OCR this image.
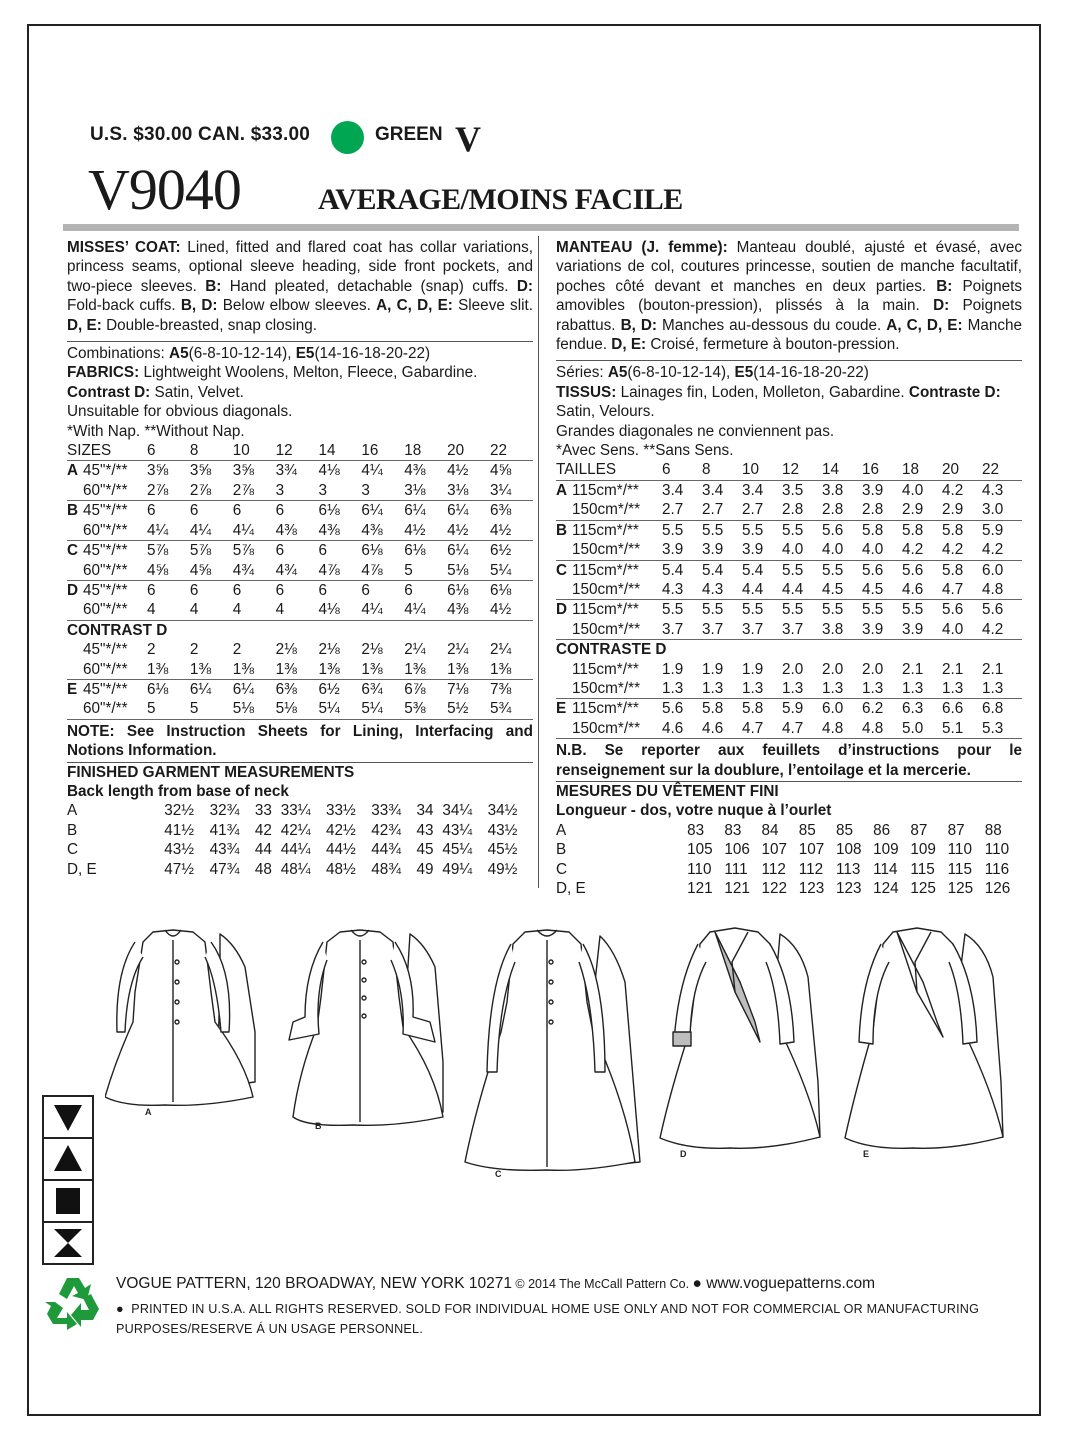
U.S. $30.00 CAN. $33.00	GREEN V
V9040	AVERAGE/MOINS FACILE
MISSES’ COAT: Lined, fitted and flared coat has collar variations, princess seams, optional sleeve heading, side front pockets, and two-piece sleeves. B: Hand pleated, detachable (snap) cuffs. D: Fold-back cuffs. B, D: Below elbow sleeves. A, C, D, E: Sleeve slit. D, E: Double-breasted, snap closing.
Combinations: A5(6-8-10-12-14), E5(14-16-18-20-22)
FABRICS: Lightweight Woolens, Melton, Fleece, Gabardine.
Contrast D: Satin, Velvet.
Unsuitable for obvious diagonals.
*With Nap. **Without Nap.
SIZES		6	8	10	12	14	16	18	20	22
A	45"*/**	3⅝	3⅝	3⅝	3¾	4⅛	4¼	4⅜	4½	4⅝
	60"*/**	2⅞	2⅞	2⅞	3	3	3	3⅛	3⅛	3¼
B	45"*/**	6	6	6	6	6⅛	6¼	6¼	6¼	6⅜
	60"*/**	4¼	4¼	4¼	4⅜	4⅜	4⅜	4½	4½	4½
C	45"*/**	5⅞	5⅞	5⅞	6	6	6⅛	6⅛	6¼	6½
	60"*/**	4⅝	4⅝	4¾	4¾	4⅞	4⅞	5	5⅛	5¼
D	45"*/**	6	6	6	6	6	6	6	6⅛	6⅛
	60"*/**	4	4	4	4	4⅛	4¼	4¼	4⅜	4½
CONTRAST D										
	45"*/**	2	2	2	2⅛	2⅛	2⅛	2¼	2¼	2¼
	60"*/**	1⅜	1⅜	1⅜	1⅜	1⅜	1⅜	1⅜	1⅜	1⅜
E	45"*/**	6⅛	6¼	6¼	6⅜	6½	6¾	6⅞	7⅛	7⅜
	60"*/**	5	5	5⅛	5⅛	5¼	5¼	5⅜	5½	5¾
NOTE: See Instruction Sheets for Lining, Interfacing and Notions Information.
FINISHED GARMENT MEASUREMENTS
Back length from base of neck
A	32½	32¾	33	33¼	33½	33¾	34	34¼	34½
B	41½	41¾	42	42¼	42½	42¾	43	43¼	43½
C	43½	43¾	44	44¼	44½	44¾	45	45¼	45½
D, E	47½	47¾	48	48¼	48½	48¾	49	49¼	49½
MANTEAU (J. femme): Manteau doublé, ajusté et évasé, avec variations de col, coutures princesse, soutien de manche facultatif, poches côté devant et manches en deux parties. B: Poignets amovibles (bouton-pression), plissés à la main. D: Poignets rabattus. B, D: Manches au-dessous du coude. A, C, D, E: Manche fendue. D, E: Croisé, fermeture à bouton-pression.
Séries: A5(6-8-10-12-14), E5(14-16-18-20-22)
TISSUS: Lainages fin, Loden, Molleton, Gabardine. Contraste D: Satin, Velours.
Grandes diagonales ne conviennent pas.
*Avec Sens. **Sans Sens.
TAILLES		6	8	10	12	14	16	18	20	22
A	115cm*/**	3.4	3.4	3.4	3.5	3.8	3.9	4.0	4.2	4.3
	150cm*/**	2.7	2.7	2.7	2.8	2.8	2.8	2.9	2.9	3.0
B	115cm*/**	5.5	5.5	5.5	5.5	5.6	5.8	5.8	5.8	5.9
	150cm*/**	3.9	3.9	3.9	4.0	4.0	4.0	4.2	4.2	4.2
C	115cm*/**	5.4	5.4	5.4	5.5	5.5	5.6	5.6	5.8	6.0
	150cm*/**	4.3	4.3	4.4	4.4	4.5	4.5	4.6	4.7	4.8
D	115cm*/**	5.5	5.5	5.5	5.5	5.5	5.5	5.5	5.6	5.6
	150cm*/**	3.7	3.7	3.7	3.7	3.8	3.9	3.9	4.0	4.2
CONTRASTE D										
	115cm*/**	1.9	1.9	1.9	2.0	2.0	2.0	2.1	2.1	2.1
	150cm*/**	1.3	1.3	1.3	1.3	1.3	1.3	1.3	1.3	1.3
E	115cm*/**	5.6	5.8	5.8	5.9	6.0	6.2	6.3	6.6	6.8
	150cm*/**	4.6	4.6	4.7	4.7	4.8	4.8	5.0	5.1	5.3
N.B. Se reporter aux feuillets d’instructions pour le renseignement sur la doublure, l’entoilage et la mercerie.
MESURES DU VÊTEMENT FINI
Longueur - dos, votre nuque à l’ourlet
A	83	83	84	85	85	86	87	87	88
B	105	106	107	107	108	109	109	110	110
C	110	111	112	112	113	114	115	115	116
D, E	121	121	122	123	123	124	125	125	126
A
B
C
D	E
VOGUE PATTERN, 120 BROADWAY, NEW YORK 10271 © 2014 The McCall Pattern Co. ● www.voguepatterns.com
●  PRINTED IN U.S.A. ALL RIGHTS RESERVED. SOLD FOR INDIVIDUAL HOME USE ONLY AND NOT FOR COMMERCIAL OR MANUFACTURING PURPOSES/RESERVE Á UN USAGE PERSONNEL.
